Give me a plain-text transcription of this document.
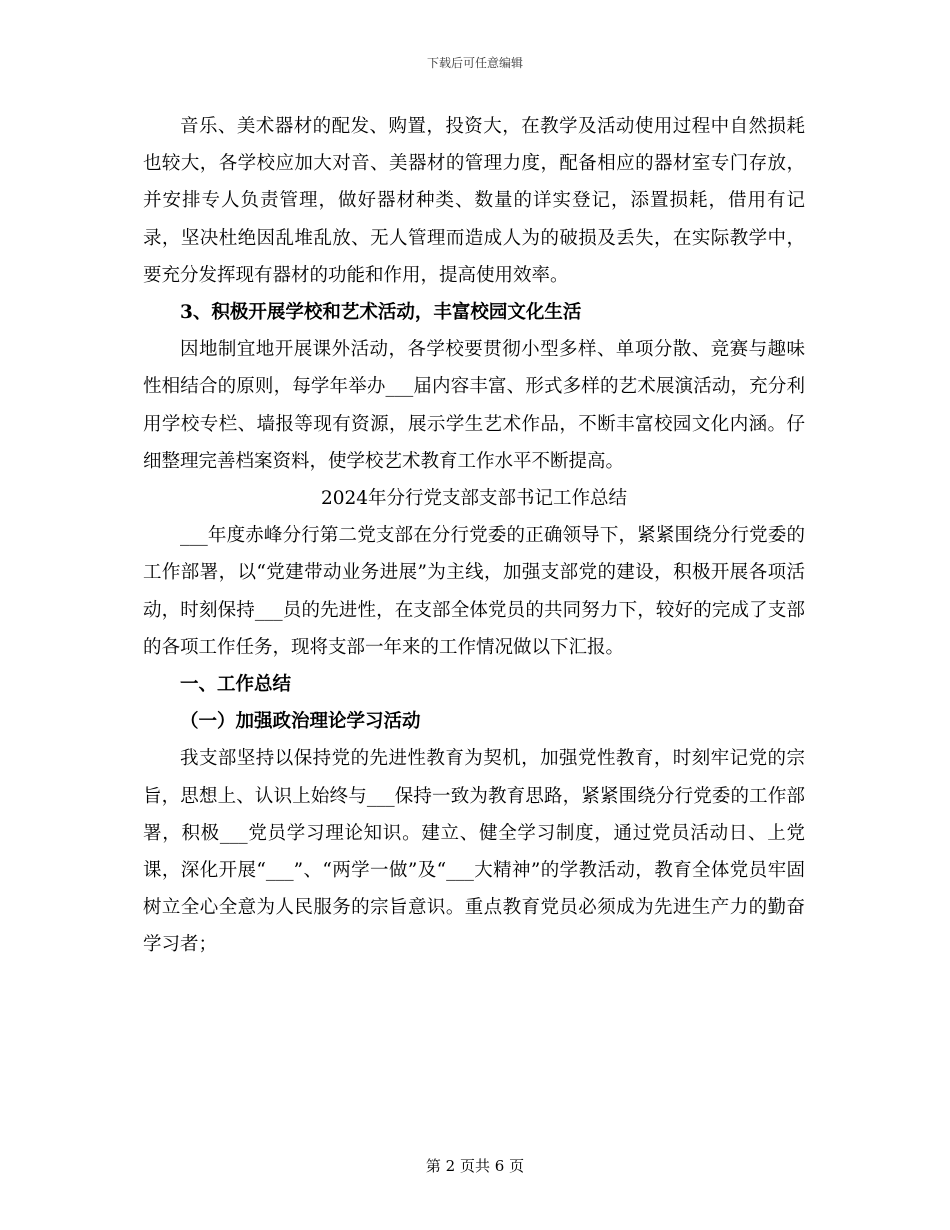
下载后可任意编辑

音乐、美术器材的配发、购置，投资大，在教学及活动使用过程中自然损耗也较大，各学校应加大对音、美器材的管理力度，配备相应的器材室专门存放，并安排专人负责管理，做好器材种类、数量的详实登记，添置损耗，借用有记录，坚决杜绝因乱堆乱放、无人管理而造成人为的破损及丢失，在实际教学中，要充分发挥现有器材的功能和作用，提高使用效率。

3、积极开展学校和艺术活动，丰富校园文化生活

因地制宜地开展课外活动，各学校要贯彻小型多样、单项分散、竞赛与趣味性相结合的原则，每学年举办___届内容丰富、形式多样的艺术展演活动，充分利用学校专栏、墙报等现有资源，展示学生艺术作品，不断丰富校园文化内涵。仔细整理完善档案资料，使学校艺术教育工作水平不断提高。

2024年分行党支部支部书记工作总结

___年度赤峰分行第二党支部在分行党委的正确领导下，紧紧围绕分行党委的工作部署，以“党建带动业务进展”为主线，加强支部党的建设，积极开展各项活动，时刻保持___员的先进性，在支部全体党员的共同努力下，较好的完成了支部的各项工作任务，现将支部一年来的工作情况做以下汇报。

一、工作总结

（一）加强政治理论学习活动

我支部坚持以保持党的先进性教育为契机，加强党性教育，时刻牢记党的宗旨，思想上、认识上始终与___保持一致为教育思路，紧紧围绕分行党委的工作部署，积极___党员学习理论知识。建立、健全学习制度，通过党员活动日、上党课，深化开展“___”、“两学一做”及“___大精神”的学教活动，教育全体党员牢固树立全心全意为人民服务的宗旨意识。重点教育党员必须成为先进生产力的勤奋学习者；

第 2 页共 6 页
